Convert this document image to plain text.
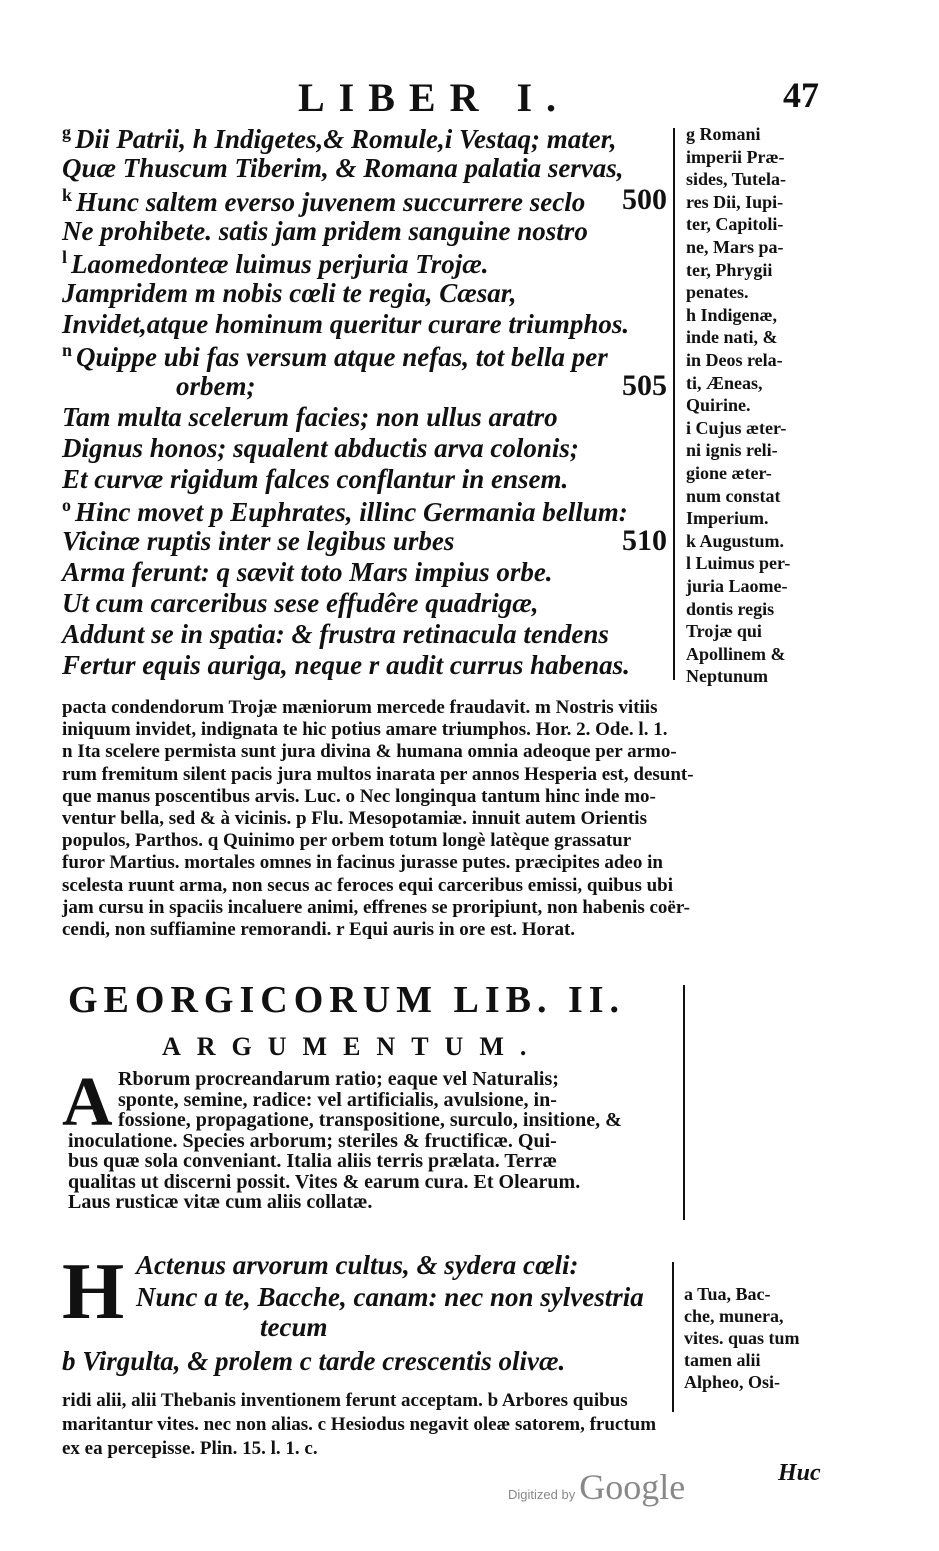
LIBER I.	47
$^g$ Dii Patrii, h Indigetes,& Romule,i Vestaq; mater,
Quæ Thuscum Tiberim, & Romana palatia servas,
$^k$ Hunc saltem everso juvenem succurrere seclo 500
Ne prohibete. satis jam pridem sanguine nostro
$^l$ Laomedonteæ luimus perjuria Trojæ.
Jampridem m nobis cœli te regia, Cæsar,
Invidet,atque hominum queritur curare triumphos.
$^n$ Quippe ubi fas versum atque nefas, tot bella per
orbem;	505
Tam multa scelerum facies; non ullus aratro
Dignus honos; squalent abductis arva colonis;
Et curvæ rigidum falces conflantur in ensem.
$^o$ Hinc movet p Euphrates, illinc Germania bellum:
Vicinæ ruptis inter se legibus urbes	510
Arma ferunt: q sævit toto Mars impius orbe.
Ut cum carceribus sese effudêre quadrigæ,
Addunt se in spatia: & frustra retinacula tendens
Fertur equis auriga, neque r audit currus habenas.
g Romani
imperii Præ-
sides, Tutela-
res Dii, Iupi-
ter, Capitoli-
ne, Mars pa-
ter, Phrygii
penates.
h Indigenæ,
inde nati, &
in Deos rela-
ti, Æneas,
Quirine.
i Cujus æter-
ni ignis reli-
gione æter-
num constat
Imperium.
k Augustum.
l Luimus per-
juria Laome-
dontis regis
Trojæ qui
Apollinem &
Neptunum
pacta condendorum Trojæ mæniorum mercede fraudavit. m Nostris vitiis
iniquum invidet, indignata te hic potius amare triumphos. Hor. 2. Ode. l. 1.
n Ita scelere permista sunt jura divina & humana omnia adeoque per armo-
rum fremitum silent pacis jura multos inarata per annos Hesperia est, desunt-
que manus poscentibus arvis. Luc. o Nec longinqua tantum hinc inde mo-
ventur bella, sed & à vicinis. p Flu. Mesopotamiæ. innuit autem Orientis
populos, Parthos. q Quinimo per orbem totum longè latèque grassatur
furor Martius. mortales omnes in facinus jurasse putes. præcipites adeo in
scelesta ruunt arma, non secus ac feroces equi carceribus emissi, quibus ubi
jam cursu in spaciis incaluere animi, effrenes se proripiunt, non habenis coër-
cendi, non suffiamine remorandi. r Equi auris in ore est. Horat.
GEORGICORUM LIB. II.
ARGUMENTUM.
A Rborum procreandarum ratio; eaque vel Naturalis;
sponte, semine, radice: vel artificialis, avulsione, in-
fossione, propagatione, transpositione, surculo, insitione, &
inoculatione. Species arborum; steriles & fructificæ. Qui-
bus quæ sola conveniant. Italia aliis terris prælata. Terræ
qualitas ut discerni possit. Vites & earum cura. Et Olearum.
Laus rusticæ vitæ cum aliis collatæ.
H Actenus arvorum cultus, & sydera cœli:
Nunc a te, Bacche, canam: nec non sylvestria
tecum
b Virgulta, & prolem c tarde crescentis olivæ.
a Tua, Bac-
che, munera,
vites. quas tum
tamen alii
Alpheo, Osi-
ridi alii, alii Thebanis inventionem ferunt acceptam. b Arbores quibus
maritantur vites. nec non alias. c Hesiodus negavit oleæ satorem, fructum
ex ea percepisse. Plin. 15. l. 1. c.
Digitized by Google	Huc
